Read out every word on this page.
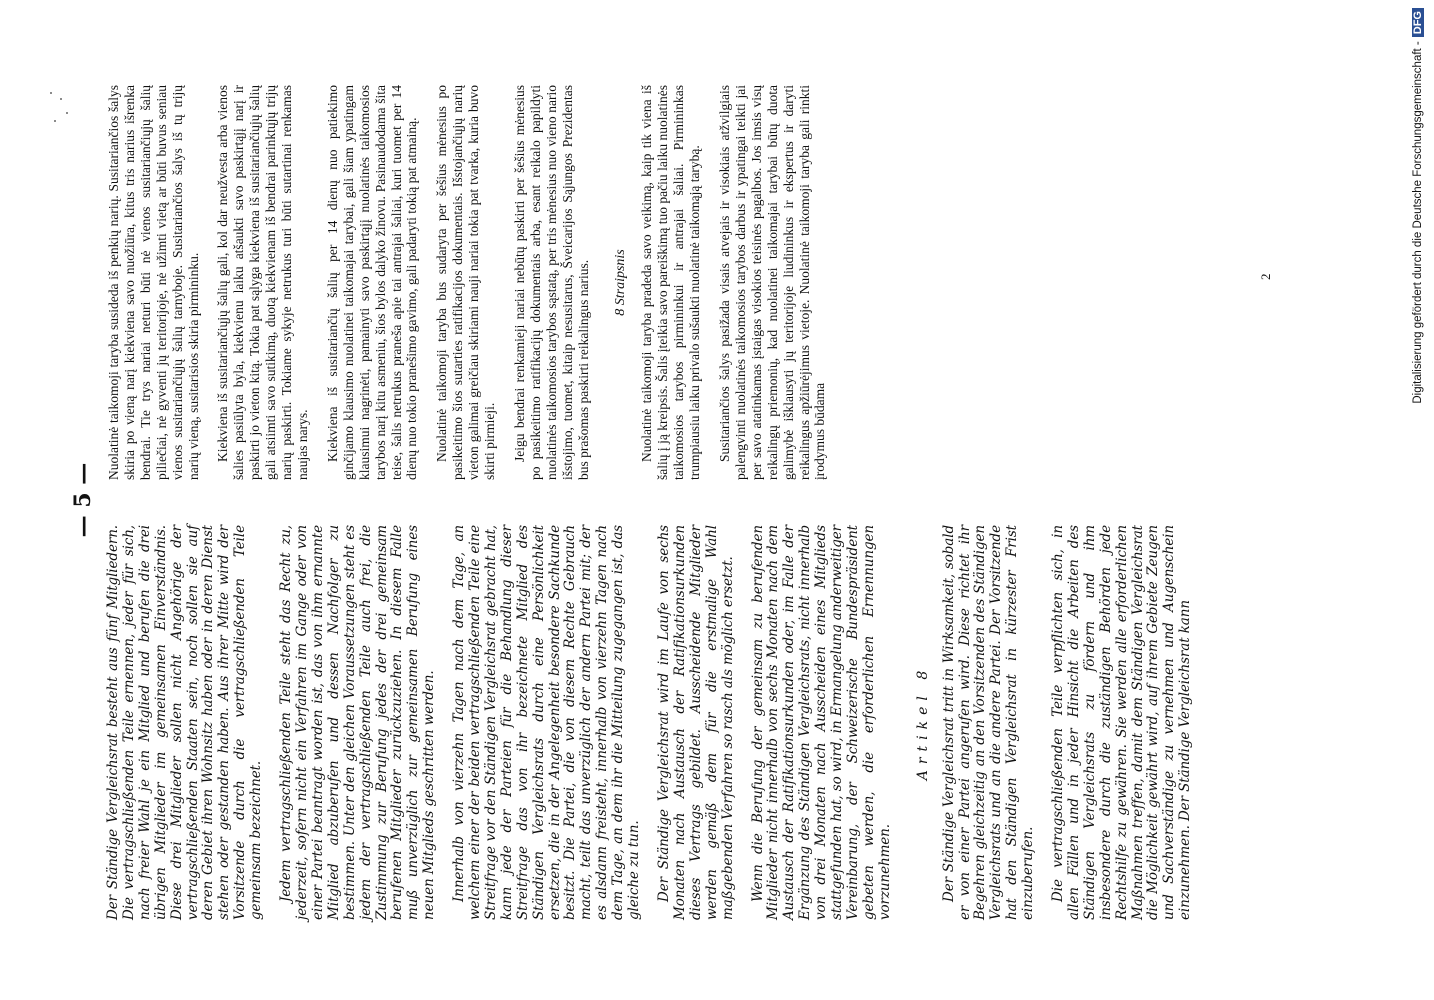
— 5 —

Der Ständige Vergleichsrat besteht aus fünf Mitgliedern. Die vertragschließenden Teile ernennen, jeder für sich, nach freier Wahl je ein Mitglied und berufen die drei übrigen Mitglieder im gemeinsamen Einverständnis. Diese drei Mitglieder sollen nicht Angehörige der vertragschließenden Staaten sein, noch sollen sie auf deren Gebiet ihren Wohnsitz haben oder in deren Dienst stehen oder gestanden haben. Aus ihrer Mitte wird der Vorsitzende durch die vertragschließenden Teile gemeinsam bezeichnet. Jedem vertragschließenden Teile steht das Recht zu, jederzeit, sofern nicht ein Verfahren im Gange oder von einer Partei beantragt worden ist, das von ihm ernannte Mitglied abzuberufen und dessen Nachfolger zu bestimmen. Unter den gleichen Voraussetzungen steht es jedem der vertragschließenden Teile auch frei, die Zustimmung zur Berufung jedes der drei gemeinsam berufenen Mitglieder zurückzuziehen. In diesem Falle muß unverzüglich zur gemeinsamen Berufung eines neuen Mitglieds geschritten werden. Innerhalb von vierzehn Tagen nach dem Tage, an welchem einer der beiden vertragschließenden Teile eine Streitfrage vor den Ständigen Vergleichsrat gebracht hat, kann jede der Parteien für die Behandlung dieser Streitfrage das von ihr bezeichnete Mitglied des Ständigen Vergleichsrats durch eine Persönlichkeit ersetzen, die in der Angelegenheit besondere Sachkunde besitzt. Die Partei, die von diesem Rechte Gebrauch macht, teilt das unverzüglich der andern Partei mit; der es alsdann freisteht, innerhalb von vierzehn Tagen nach dem Tage, an dem ihr die Mitteilung zugegangen ist, das gleiche zu tun. Der Ständige Vergleichsrat wird im Laufe von sechs Monaten nach Austausch der Ratifikationsurkunden dieses Vertrags gebildet. Ausscheidende Mitglieder werden gemäß dem für die erstmalige Wahl maßgebenden Verfahren so rasch als möglich ersetzt. Wenn die Berufung der gemeinsam zu berufenden Mitglieder nicht innerhalb von sechs Monaten nach dem Austausch der Ratifikationsurkunden oder, im Falle der Ergänzung des Ständigen Vergleichsrats, nicht innerhalb von drei Monaten nach Ausscheiden eines Mitglieds stattgefunden hat, so wird, in Ermangelung anderweitiger Vereinbarung, der Schweizerische Bundespräsident gebeten werden, die erforderlichen Ernennungen vorzunehmen.

Artikel 8 Der Ständige Vergleichsrat tritt in Wirksamkeit, sobald er von einer Partei angerufen wird. Diese richtet ihr Begehren gleichzeitig an den Vorsitzenden des Ständigen Vergleichsrats und an die andere Partei. Der Vorsitzende hat den Ständigen Vergleichsrat in kürzester Frist einzuberufen. Die vertragschließenden Teile verpflichten sich, in allen Fällen und in jeder Hinsicht die Arbeiten des Ständigen Vergleichsrats zu fördern und ihm insbesondere durch die zuständigen Behörden jede Rechtshilfe zu gewähren. Sie werden alle erforderlichen Maßnahmen treffen, damit dem Ständigen Vergleichsrat die Möglichkeit gewährt wird, auf ihrem Gebiete Zeugen und Sachverständige zu vernehmen und Augenschein einzunehmen. Der Ständige Vergleichsrat kann

Nuolatinė taikomoji taryba susideda iš penkių narių. Susitariančios šalys skiria po vieną narį kiekviena savo nuožiūra, kitus tris narius išrenka bendrai. Tie trys nariai neturi būti nė vienos susitariančiųjų šalių piliečiai, nė gyventi jų teritorijoje, nė užimti vietą ar būti buvus seniau vienos susitariančiųjų šalių tarnyboje. Susitariančios šalys iš tų trijų narių vieną, susitarisios skiria pirmininku. Kiekviena iš susitariančiųjų šalių gali, kol dar neužvesta arba vienos šalies pasiūlyta byla, kiekvienu laiku atšaukti savo paskirtąjį narį ir paskirti jo vieton kitą. Tokia pat sąlyga kiekviena iš susitariančiųjų šalių gali atsiimti savo sutikimą, duotą kiekvienam iš bendrai parinktųjų trijų narių paskirti. Tokiame sykyje netrukus turi būti sutartinai renkamas naujas narys. Kiekviena iš susitariančių šalių per 14 dienų nuo patiekimo ginčijamo klausimo nuolatinei taikomajai tarybai, gali šiam ypatingam klausimui nagrinėti, pamainyti savo paskirtąjį nuolatinės taikomosios tarybos narį kitu asmeniu, šios bylos dalyko žinovu. Pasinaudodama šita teise, šalis netrukus praneša apie tai antrajai šaliai, kuri tuomet per 14 dienų nuo tokio pranešimo gavimo, gali padaryti tokią pat atmainą. Nuolatinė taikomoji taryba bus sudaryta per šešius mėnesius po pasikeitimo šios sutarties ratifikacijos dokumentais. Išstojančiųjų narių vieton galimai greičiau skiriami nauji nariai tokia pat tvarka, kuria buvo skirti pirmieji. Jeigu bendrai renkamieji nariai nebūtų paskirti per šešius mėnesius po pasikeitimo ratifikacijų dokumentais arba, esant reikalo papildyti nuolatinės taikomosios tarybos sąstatą, per tris mėnesius nuo vieno nario išstojimo, tuomet, kitaip nesusitarus, Šveicarijos Sąjungos Prezidentas bus prašomas paskirti reikalingus narius. 8 Straipsnis Nuolatinė taikomoji taryba pradeda savo veikimą, kaip tik viena iš šalių į ją kreipsis. Šalis įteikia savo pareiškimą tuo pačiu laiku nuolatinės taikomosios tarybos pirmininkui ir antrajai šaliai. Pirmininkas trumpiausiu laiku privalo sušaukti nuolatinė taikomąją tarybą. Susitariančios šalys pasižada visais atvejais ir visokiais atžvilgiais palengvinti nuolatinės taikomosios tarybos darbus ir ypatingai teikti jai per savo atatinkamas įstaigas visokios teisinės pagalbos. Jos imsis visų reikalingų priemonių, kad nuolatinei taikomajai tarybai būtų duota galimybė išklausyti jų teritorijoje liudininkus ir ekspertus ir daryti reikalingus apžiūrėjimus vietoje. Nuolatinė taikomoji taryba gali rinkti įrodymus būdama

2	Digitalisierung gefördert durch die Deutsche Forschungsgemeinschaft -DFG
